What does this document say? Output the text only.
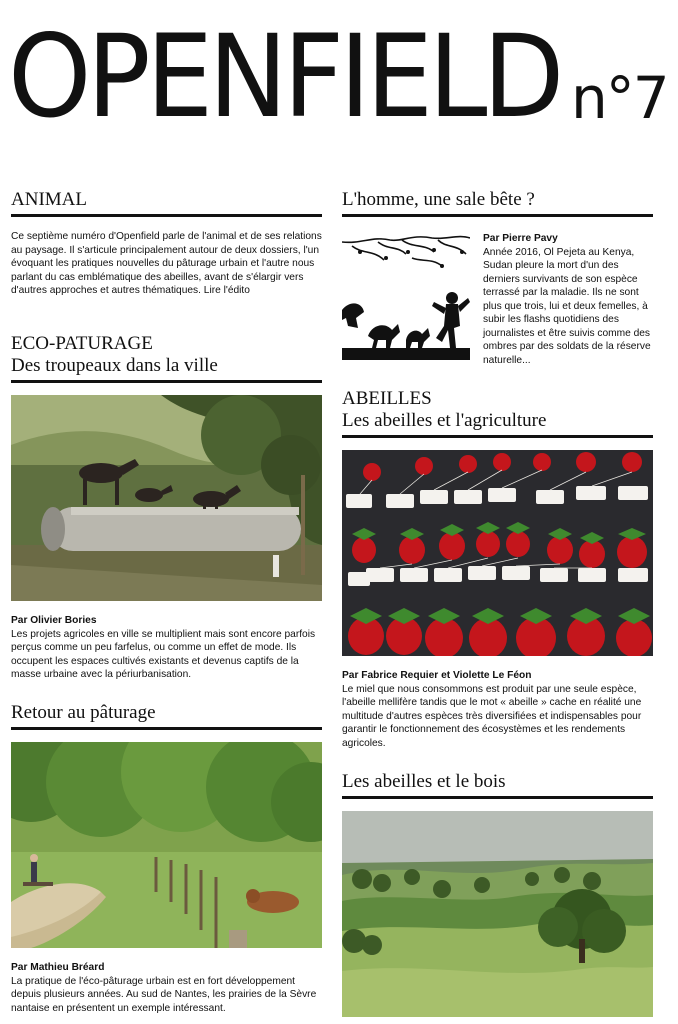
OPENFIELD n°7
ANIMAL
Ce septième numéro d'Openfield parle de l'animal et de ses relations au paysage. Il s'articule principalement autour de deux dossiers, l'un évoquant les pratiques nouvelles du pâturage urbain et l'autre nous parlant du cas emblématique des abeilles, avant de s'élargir vers d'autres approches et autres thématiques. Lire l'édito
ECO-PATURAGE
Des troupeaux dans la ville
Par Olivier Bories
Les projets agricoles en ville se multiplient mais sont encore parfois perçus comme un peu farfelus, ou comme un effet de mode. Ils occupent les espaces cultivés existants et devenus captifs de la masse urbaine avec la périurbanisation.
Retour au pâturage
Par Mathieu Bréard
La pratique de l'éco-pâturage urbain est en fort développement depuis plusieurs années. Au sud de Nantes, les prairies de la Sèvre nantaise en présentent un exemple intéressant.
L'homme, une sale bête ?
Par Pierre Pavy
Année 2016, Ol Pejeta au Kenya, Sudan pleure la mort d'un des derniers survivants de son espèce terrassé par la maladie. Ils ne sont plus que trois, lui et deux femelles, à subir les flashs quotidiens des journalistes et être suivis comme des ombres par des soldats de la réserve naturelle...
ABEILLES
Les abeilles et l'agriculture
Par Fabrice Requier et Violette Le Féon
Le miel que nous consommons est produit par une seule espèce, l'abeille mellifère tandis que le mot « abeille » cache en réalité une multitude d'autres espèces très diversifiées et indispensables pour garantir le fonctionnement des écosystèmes et les rendements agricoles.
Les abeilles et le bois
